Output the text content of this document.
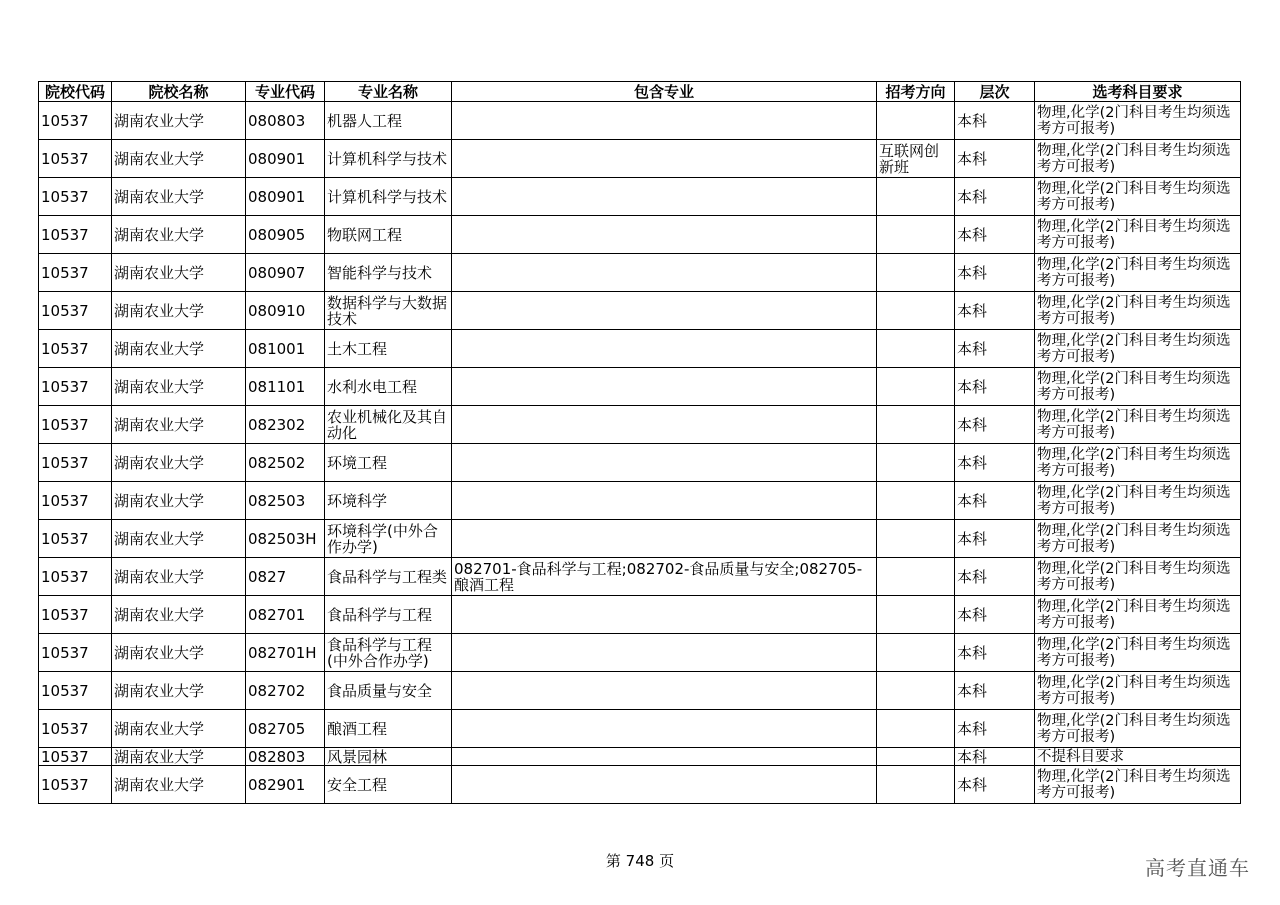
院校代码	院校名称	专业代码	专业名称	包含专业	招考方向	层次	选考科目要求
10537	湖南农业大学	080803	机器人工程			本科	物理,化学(2门科目考生均须选考方可报考)
10537	湖南农业大学	080901	计算机科学与技术		互联网创新班	本科	物理,化学(2门科目考生均须选考方可报考)
10537	湖南农业大学	080901	计算机科学与技术			本科	物理,化学(2门科目考生均须选考方可报考)
10537	湖南农业大学	080905	物联网工程			本科	物理,化学(2门科目考生均须选考方可报考)
10537	湖南农业大学	080907	智能科学与技术			本科	物理,化学(2门科目考生均须选考方可报考)
10537	湖南农业大学	080910	数据科学与大数据技术			本科	物理,化学(2门科目考生均须选考方可报考)
10537	湖南农业大学	081001	土木工程			本科	物理,化学(2门科目考生均须选考方可报考)
10537	湖南农业大学	081101	水利水电工程			本科	物理,化学(2门科目考生均须选考方可报考)
10537	湖南农业大学	082302	农业机械化及其自动化			本科	物理,化学(2门科目考生均须选考方可报考)
10537	湖南农业大学	082502	环境工程			本科	物理,化学(2门科目考生均须选考方可报考)
10537	湖南农业大学	082503	环境科学			本科	物理,化学(2门科目考生均须选考方可报考)
10537	湖南农业大学	082503H	环境科学(中外合作办学)			本科	物理,化学(2门科目考生均须选考方可报考)
10537	湖南农业大学	0827	食品科学与工程类	082701-食品科学与工程;082702-食品质量与安全;082705-酿酒工程		本科	物理,化学(2门科目考生均须选考方可报考)
10537	湖南农业大学	082701	食品科学与工程			本科	物理,化学(2门科目考生均须选考方可报考)
10537	湖南农业大学	082701H	食品科学与工程(中外合作办学)			本科	物理,化学(2门科目考生均须选考方可报考)
10537	湖南农业大学	082702	食品质量与安全			本科	物理,化学(2门科目考生均须选考方可报考)
10537	湖南农业大学	082705	酿酒工程			本科	物理,化学(2门科目考生均须选考方可报考)
10537	湖南农业大学	082803	风景园林			本科	不提科目要求
10537	湖南农业大学	082901	安全工程			本科	物理,化学(2门科目考生均须选考方可报考)
第 748 页	高考直通车
